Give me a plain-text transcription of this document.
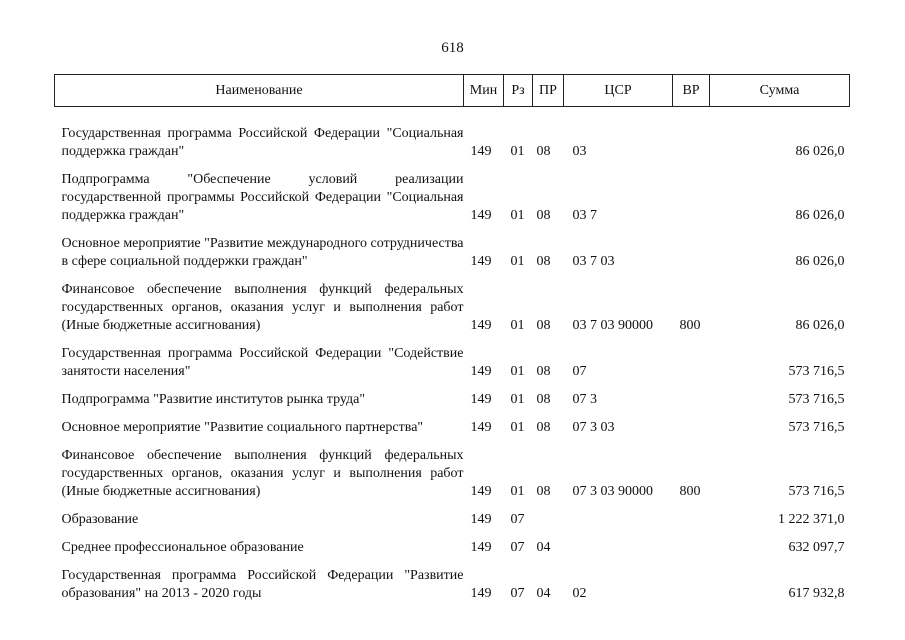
618
Наименование	Мин	Рз	ПР	ЦСР	ВР	Сумма
Государственная программа Российской Федерации "Социальная поддержка граждан"	149	01	08	03		86 026,0
Подпрограмма "Обеспечение условий реализации государственной программы Российской Федерации "Социальная поддержка граждан"	149	01	08	03 7		86 026,0
Основное мероприятие "Развитие международного сотрудничества в сфере социальной поддержки граждан"	149	01	08	03 7 03		86 026,0
Финансовое обеспечение выполнения функций федеральных государственных органов, оказания услуг и выполнения работ (Иные бюджетные ассигнования)	149	01	08	03 7 03 90000	800	86 026,0
Государственная программа Российской Федерации "Содействие занятости населения"	149	01	08	07		573 716,5
Подпрограмма "Развитие институтов рынка труда"	149	01	08	07 3		573 716,5
Основное мероприятие "Развитие социального партнерства"	149	01	08	07 3 03		573 716,5
Финансовое обеспечение выполнения функций федеральных государственных органов, оказания услуг и выполнения работ (Иные бюджетные ассигнования)	149	01	08	07 3 03 90000	800	573 716,5
Образование	149	07				1 222 371,0
Среднее профессиональное образование	149	07	04			632 097,7
Государственная программа Российской Федерации "Развитие образования" на 2013 - 2020 годы	149	07	04	02		617 932,8
